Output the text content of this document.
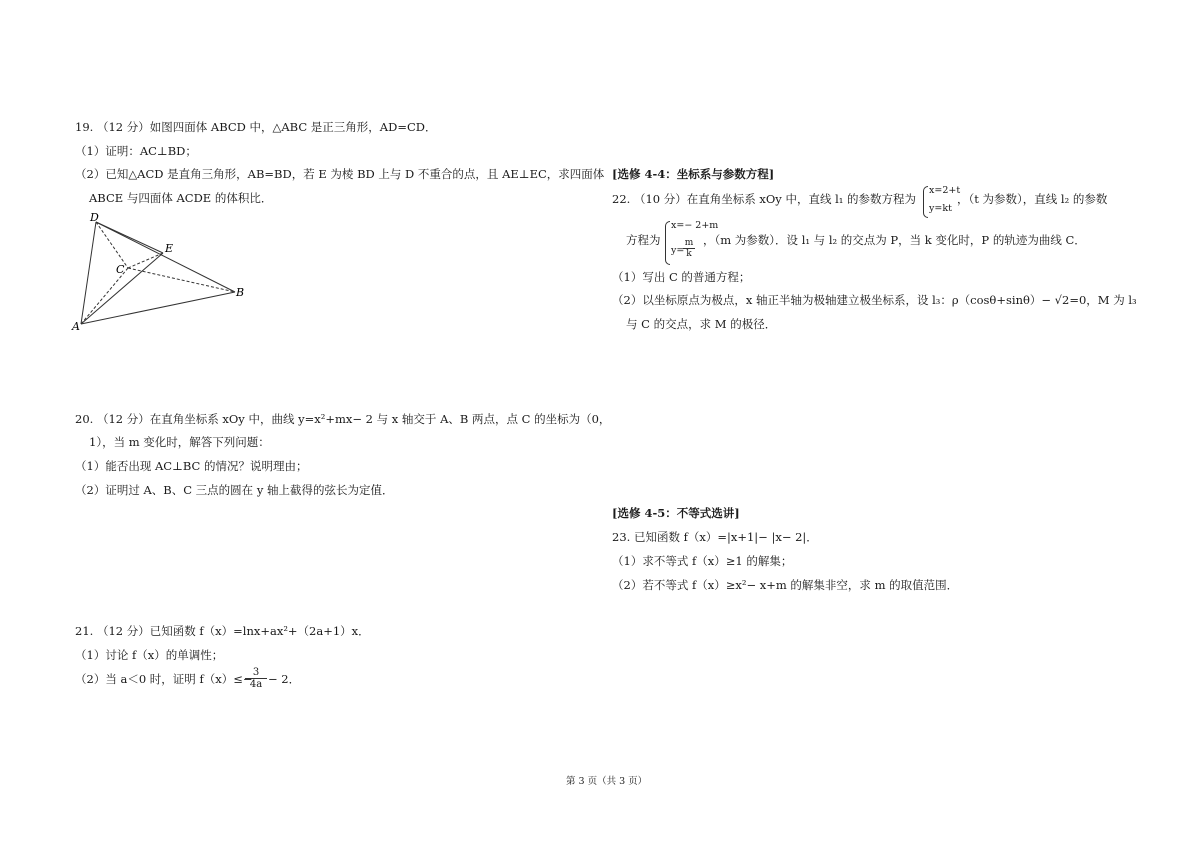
19. （12 分）如图四面体 ABCD 中，△ABC 是正三角形，AD=CD．
（1）证明：AC⊥BD；
（2）已知△ACD 是直角三角形，AB=BD，若 E 为棱 BD 上与 D 不重合的点，且 AE⊥EC，求四面体
ABCE 与四面体 ACDE 的体积比．
D
E
C
B
A
20. （12 分）在直角坐标系 xOy 中，曲线 y=x²+mx− 2 与 x 轴交于 A、B 两点，点 C 的坐标为（0，
1），当 m 变化时，解答下列问题：
（1）能否出现 AC⊥BC 的情况？说明理由；
（2）证明过 A、B、C 三点的圆在 y 轴上截得的弦长为定值．
21. （12 分）已知函数 f（x）=lnx+ax²+（2a+1）x．
（1）讨论 f（x）的单调性；
（2）当 a＜0 时，证明 f（x）≤−
$\frac{3}{4a} - 2$．
[选修 4-4：坐标系与参数方程]
22. （10 分）在直角坐标系 xOy 中，直线 l₁ 的参数方程为
x=2+t
y=kt
，（t 为参数），直线 l₂ 的参数
方程为
x=− 2+m
y=
$\frac{m}{k}$ ，（m 为参数）．设 l₁ 与 l₂ 的交点为 P，当 k 变化时，P 的轨迹为曲线 C．
（1）写出 C 的普通方程；
（2）以坐标原点为极点，x 轴正半轴为极轴建立极坐标系，设 l₃：ρ（cosθ+sinθ）− √2=0，M 为 l₃
与 C 的交点，求 M 的极径．
[选修 4-5：不等式选讲]
23. 已知函数 f（x）=|x+1|− |x− 2|．
（1）求不等式 f（x）≥1 的解集；
（2）若不等式 f（x）≥x²− x+m 的解集非空，求 m 的取值范围．
第 3 页（共 3 页）
